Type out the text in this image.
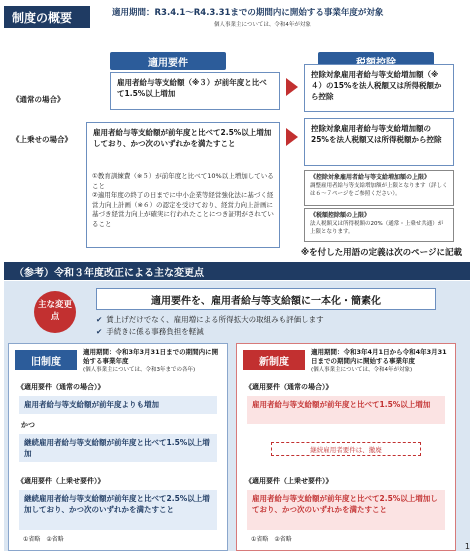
制度の概要	適用期間：R3.4.1～R4.3.31までの期間内に開始する事業年度が対象
個人事業主については、令和4年が対象
適用要件
《通常の場合》
雇用者給与等支給額（※３）が前年度と比べて1.5%以上増加
控除対象雇用者給与等支給増加額（※４）の15%を法人税額又は所得税額から控除
《上乗せの場合》
雇用者給与等支給額が前年度と比べて2.5%以上増加しており、かつ次のいずれかを満たすこと
①教育訓練費（※５）が前年度と比べて10%以上増加していること
②適用年度の終了の日までに中小企業等経営強化法に基づく経営力向上計画（※６）の認定を受けており、経営力向上計画に基づき経営力向上が確実に行われたことにつき証明がされていること
控除対象雇用者給与等支給増加額の25%を法人税額又は所得税額から控除
《控除対象雇用者給与等支給増加額の上限》
調整雇用者給与等支給増加額が上限となります（詳しくは６～７ページをご参照ください）。
《税額控除額の上限》
法人税額又は所得税額の20%（通常・上乗せ共通）が上限となります。
※を付した用語の定義は次のページに記載
（参考）令和３年度改正による主な変更点
主な変更点
適用要件を、雇用者給与等支給額に一本化・簡素化
✔ 賃上げだけでなく、雇用増による所得拡大の取組みも評価します
✔ 手続きに係る事務負担を軽減
旧制度
適用期間：令和3年3月31日までの期間内に開始する事業年度
(個人事業主については、令和3年までの各年)
《適用要件（通常の場合）》
雇用者給与等支給額が前年度よりも増加
かつ
継続雇用者給与等支給額が前年度と比べて1.5%以上増加
《適用要件（上乗せ要件）》
継続雇用者給与等支給額が前年度と比べて2.5%以上増加しており、かつ次のいずれかを満たすこと
①省略　②省略
新制度
適用期間：令和3年4月1日から令和4年3月31日までの期間内に開始する事業年度
(個人事業主については、令和4年が対象)
《適用要件（通常の場合）》
雇用者給与等支給額が前年度と比べて1.5%以上増加
継続雇用者要件は、撤廃
《適用要件（上乗せ要件）》
雇用者給与等支給額が前年度と比べて2.5%以上増加しており、かつ次のいずれかを満たすこと
①省略　②省略
1
